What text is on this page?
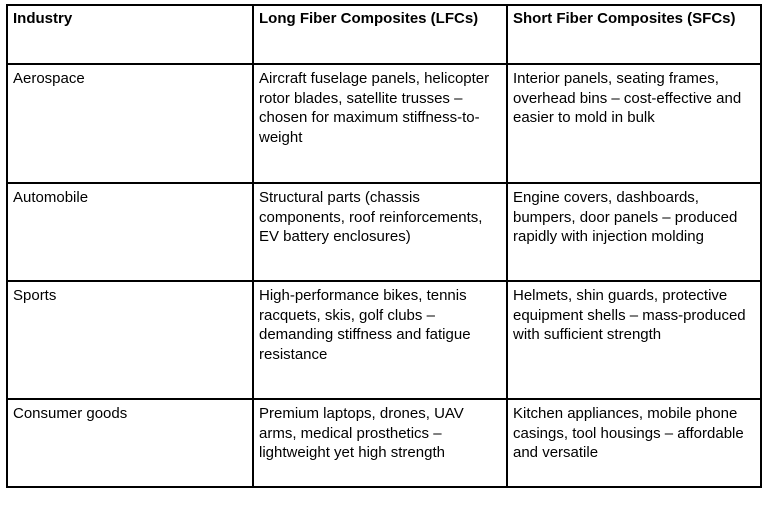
Industry	Long Fiber Composites (LFCs)	Short Fiber Composites (SFCs)
Aerospace	Aircraft fuselage panels, helicopter rotor blades, satellite trusses – chosen for maximum stiffness-to-weight	Interior panels, seating frames, overhead bins – cost-effective and easier to mold in bulk
Automobile	Structural parts (chassis components, roof reinforcements, EV battery enclosures)	Engine covers, dashboards, bumpers, door panels – produced rapidly with injection molding
Sports	High-performance bikes, tennis racquets, skis, golf clubs – demanding stiffness and fatigue resistance	Helmets, shin guards, protective equipment shells – mass-produced with sufficient strength
Consumer goods	Premium laptops, drones, UAV arms, medical prosthetics – lightweight yet high strength	Kitchen appliances, mobile phone casings, tool housings – affordable and versatile
